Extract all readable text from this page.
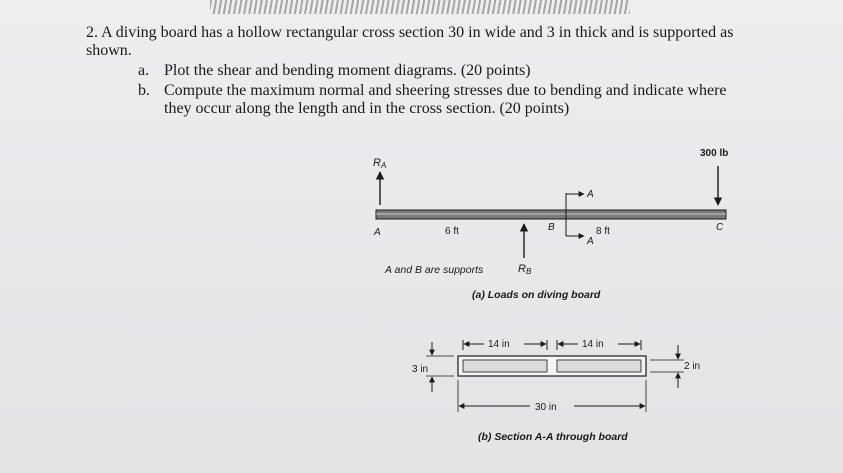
2. A diving board has a hollow rectangular cross section 30 in wide and 3 in thick and is supported as shown.

a. Plot the shear and bending moment diagrams. (20 points)
b. Compute the maximum normal and sheering stresses due to bending and indicate where they occur along the length and in the cross section. (20 points)
RA
RB
300 lb
A	B	C
6 ft	8 ft
A
A
A and B are supports
(a) Loads on diving board
14 in	14 in
3 in	2 in
30 in
(b) Section A-A through board
